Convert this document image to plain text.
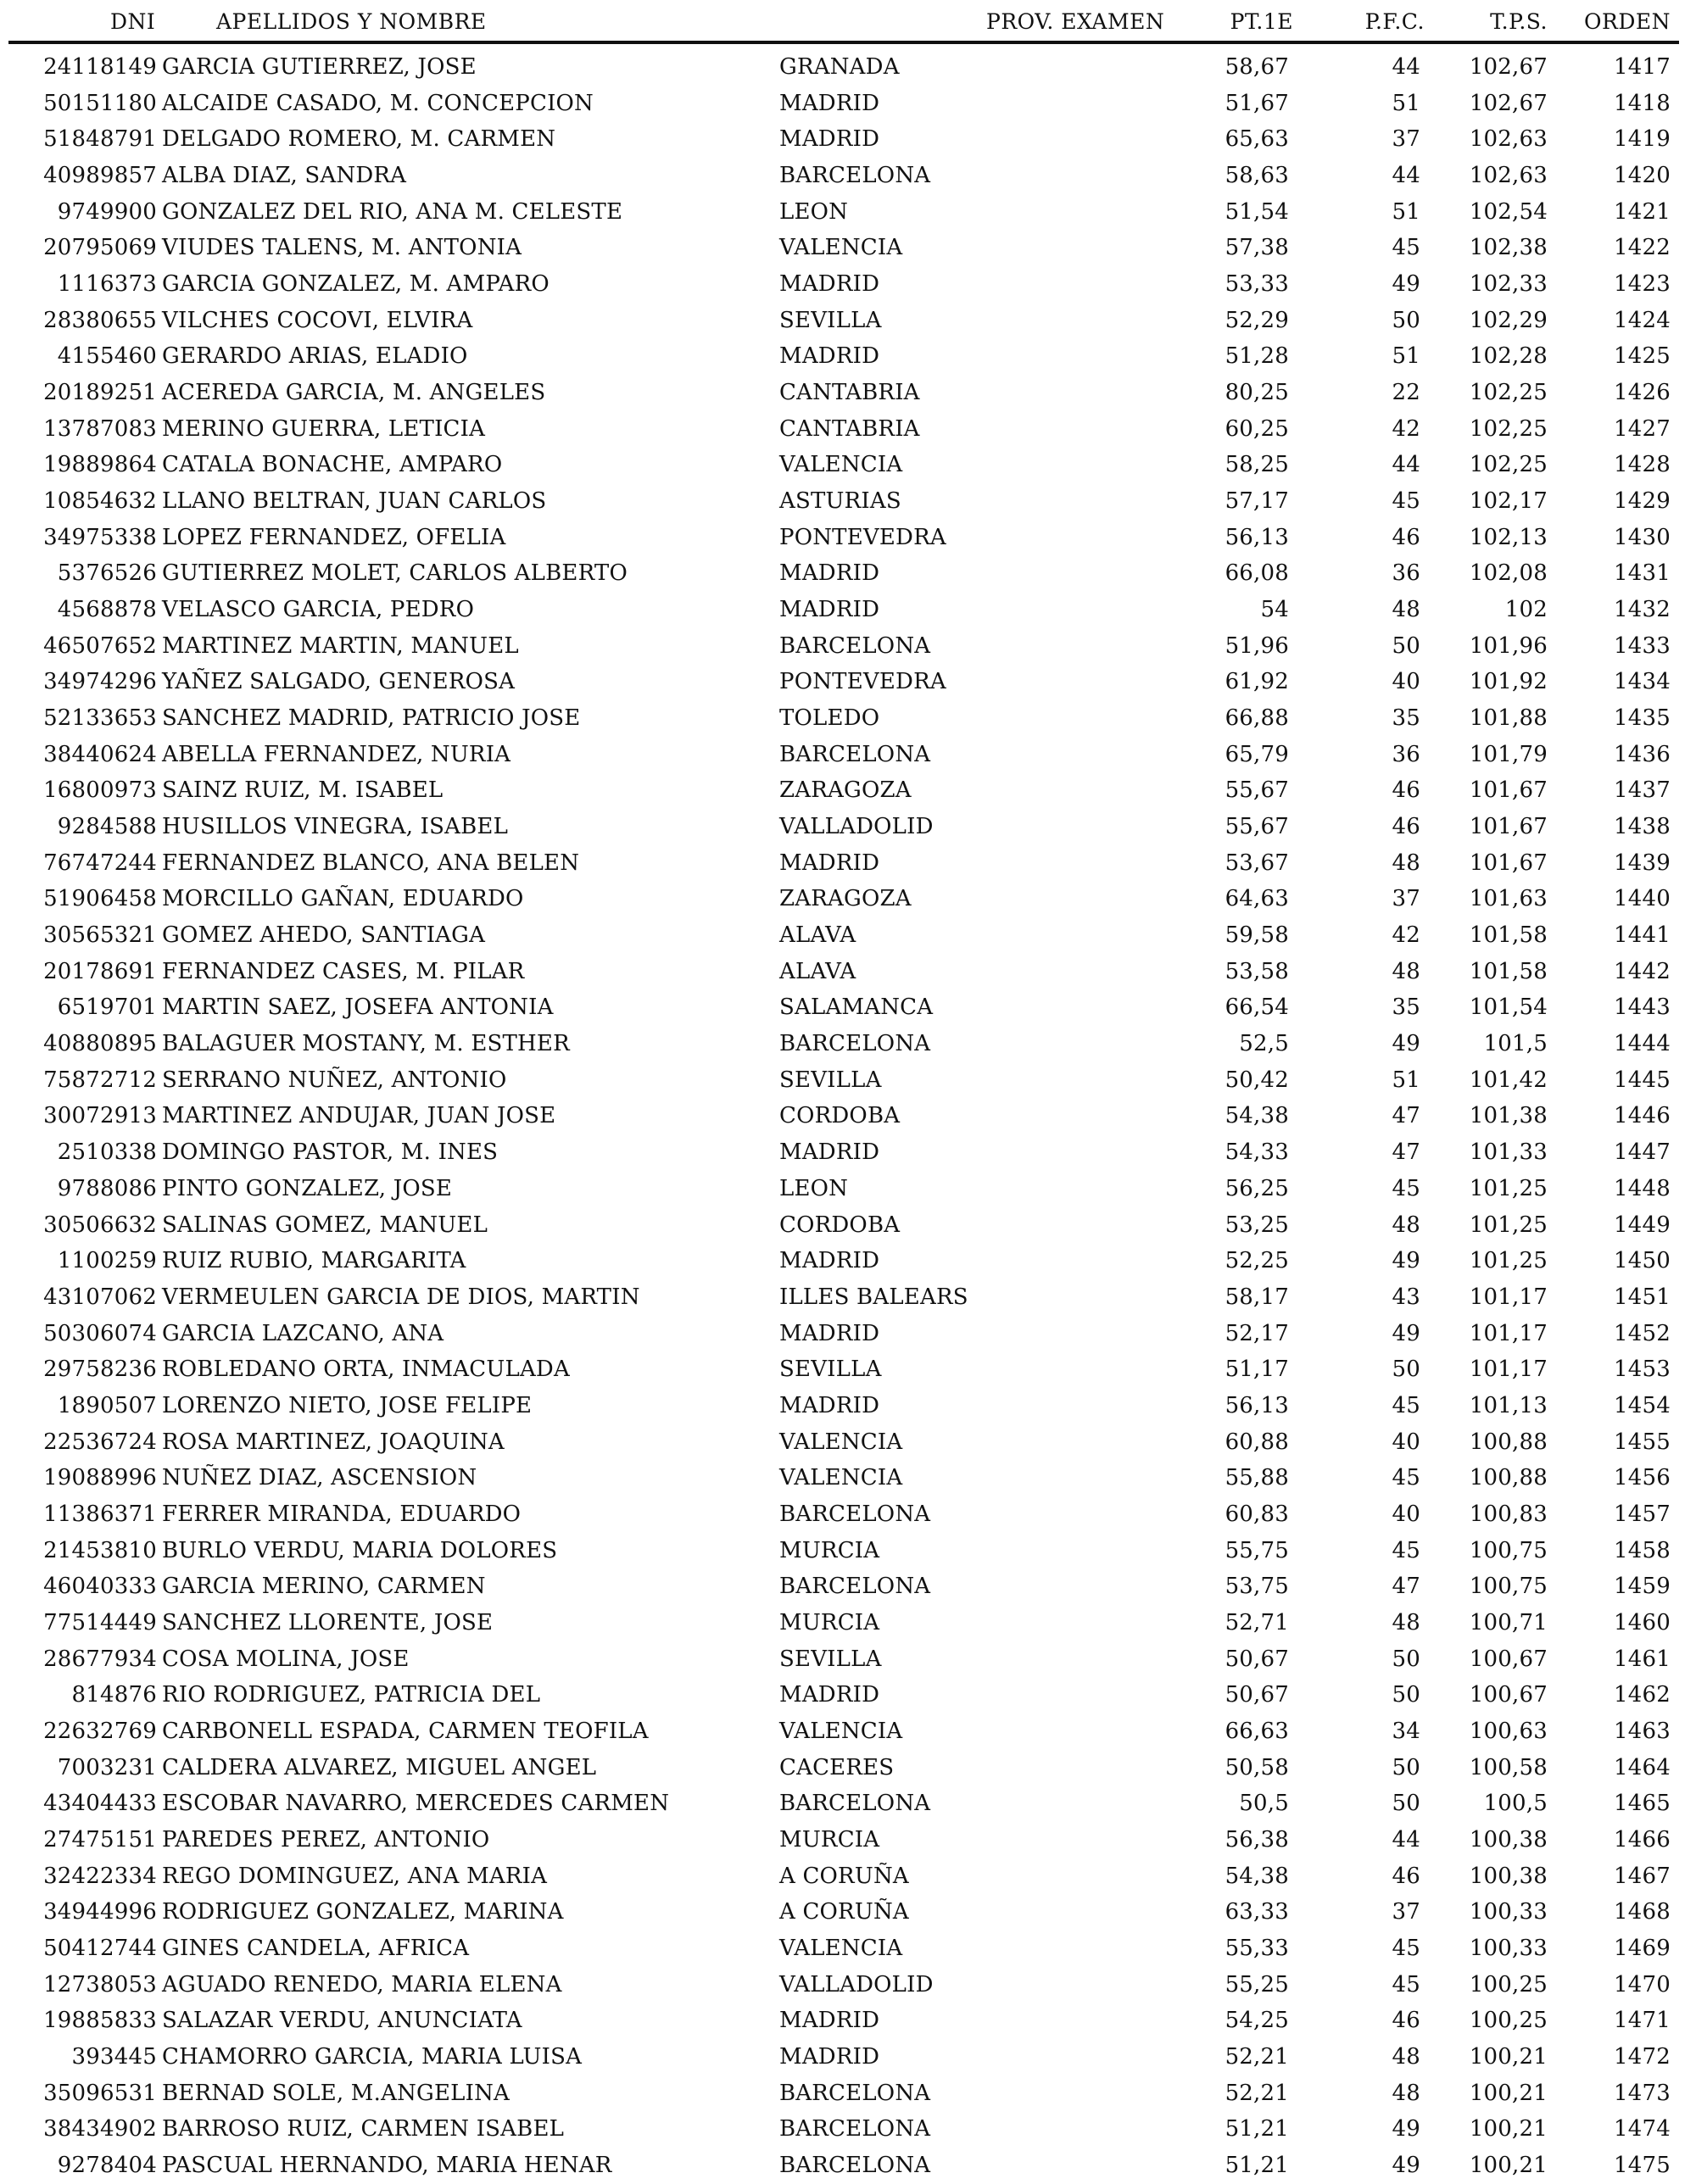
DNI	APELLIDOS Y NOMBRE	PROV. EXAMEN	PT.1E	P.F.C.	T.P.S.	ORDEN
24118149 GARCIA GUTIERREZ, JOSE	GRANADA	58,67	44	102,67	1417
50151180 ALCAIDE CASADO, M. CONCEPCION	MADRID	51,67	51	102,67	1418
51848791 DELGADO ROMERO, M. CARMEN	MADRID	65,63	37	102,63	1419
40989857 ALBA DIAZ, SANDRA	BARCELONA	58,63	44	102,63	1420
9749900 GONZALEZ DEL RIO, ANA M. CELESTE	LEON	51,54	51	102,54	1421
20795069 VIUDES TALENS, M. ANTONIA	VALENCIA	57,38	45	102,38	1422
1116373 GARCIA GONZALEZ, M. AMPARO	MADRID	53,33	49	102,33	1423
28380655 VILCHES COCOVI, ELVIRA	SEVILLA	52,29	50	102,29	1424
4155460 GERARDO ARIAS, ELADIO	MADRID	51,28	51	102,28	1425
20189251 ACEREDA GARCIA, M. ANGELES	CANTABRIA	80,25	22	102,25	1426
13787083 MERINO GUERRA, LETICIA	CANTABRIA	60,25	42	102,25	1427
19889864 CATALA BONACHE, AMPARO	VALENCIA	58,25	44	102,25	1428
10854632 LLANO BELTRAN, JUAN CARLOS	ASTURIAS	57,17	45	102,17	1429
34975338 LOPEZ FERNANDEZ, OFELIA	PONTEVEDRA	56,13	46	102,13	1430
5376526 GUTIERREZ MOLET, CARLOS ALBERTO	MADRID	66,08	36	102,08	1431
4568878 VELASCO GARCIA, PEDRO	MADRID	54	48	102	1432
46507652 MARTINEZ MARTIN, MANUEL	BARCELONA	51,96	50	101,96	1433
34974296 YAÑEZ SALGADO, GENEROSA	PONTEVEDRA	61,92	40	101,92	1434
52133653 SANCHEZ MADRID, PATRICIO JOSE	TOLEDO	66,88	35	101,88	1435
38440624 ABELLA FERNANDEZ, NURIA	BARCELONA	65,79	36	101,79	1436
16800973 SAINZ RUIZ, M. ISABEL	ZARAGOZA	55,67	46	101,67	1437
9284588 HUSILLOS VINEGRA, ISABEL	VALLADOLID	55,67	46	101,67	1438
76747244 FERNANDEZ BLANCO, ANA BELEN	MADRID	53,67	48	101,67	1439
51906458 MORCILLO GAÑAN, EDUARDO	ZARAGOZA	64,63	37	101,63	1440
30565321 GOMEZ AHEDO, SANTIAGA	ALAVA	59,58	42	101,58	1441
20178691 FERNANDEZ CASES, M. PILAR	ALAVA	53,58	48	101,58	1442
6519701 MARTIN SAEZ, JOSEFA ANTONIA	SALAMANCA	66,54	35	101,54	1443
40880895 BALAGUER MOSTANY, M. ESTHER	BARCELONA	52,5	49	101,5	1444
75872712 SERRANO NUÑEZ, ANTONIO	SEVILLA	50,42	51	101,42	1445
30072913 MARTINEZ ANDUJAR, JUAN JOSE	CORDOBA	54,38	47	101,38	1446
2510338 DOMINGO PASTOR, M. INES	MADRID	54,33	47	101,33	1447
9788086 PINTO GONZALEZ, JOSE	LEON	56,25	45	101,25	1448
30506632 SALINAS GOMEZ, MANUEL	CORDOBA	53,25	48	101,25	1449
1100259 RUIZ RUBIO, MARGARITA	MADRID	52,25	49	101,25	1450
43107062 VERMEULEN GARCIA DE DIOS, MARTIN	ILLES BALEARS	58,17	43	101,17	1451
50306074 GARCIA LAZCANO, ANA	MADRID	52,17	49	101,17	1452
29758236 ROBLEDANO ORTA, INMACULADA	SEVILLA	51,17	50	101,17	1453
1890507 LORENZO NIETO, JOSE FELIPE	MADRID	56,13	45	101,13	1454
22536724 ROSA MARTINEZ, JOAQUINA	VALENCIA	60,88	40	100,88	1455
19088996 NUÑEZ DIAZ, ASCENSION	VALENCIA	55,88	45	100,88	1456
11386371 FERRER MIRANDA, EDUARDO	BARCELONA	60,83	40	100,83	1457
21453810 BURLO VERDU, MARIA DOLORES	MURCIA	55,75	45	100,75	1458
46040333 GARCIA MERINO, CARMEN	BARCELONA	53,75	47	100,75	1459
77514449 SANCHEZ LLORENTE, JOSE	MURCIA	52,71	48	100,71	1460
28677934 COSA MOLINA, JOSE	SEVILLA	50,67	50	100,67	1461
814876 RIO RODRIGUEZ, PATRICIA DEL	MADRID	50,67	50	100,67	1462
22632769 CARBONELL ESPADA, CARMEN TEOFILA	VALENCIA	66,63	34	100,63	1463
7003231 CALDERA ALVAREZ, MIGUEL ANGEL	CACERES	50,58	50	100,58	1464
43404433 ESCOBAR NAVARRO, MERCEDES CARMEN	BARCELONA	50,5	50	100,5	1465
27475151 PAREDES PEREZ, ANTONIO	MURCIA	56,38	44	100,38	1466
32422334 REGO DOMINGUEZ, ANA MARIA	A CORUÑA	54,38	46	100,38	1467
34944996 RODRIGUEZ GONZALEZ, MARINA	A CORUÑA	63,33	37	100,33	1468
50412744 GINES CANDELA, AFRICA	VALENCIA	55,33	45	100,33	1469
12738053 AGUADO RENEDO, MARIA ELENA	VALLADOLID	55,25	45	100,25	1470
19885833 SALAZAR VERDU, ANUNCIATA	MADRID	54,25	46	100,25	1471
393445 CHAMORRO GARCIA, MARIA LUISA	MADRID	52,21	48	100,21	1472
35096531 BERNAD SOLE, M.ANGELINA	BARCELONA	52,21	48	100,21	1473
38434902 BARROSO RUIZ, CARMEN ISABEL	BARCELONA	51,21	49	100,21	1474
9278404 PASCUAL HERNANDO, MARIA HENAR	BARCELONA	51,21	49	100,21	1475
